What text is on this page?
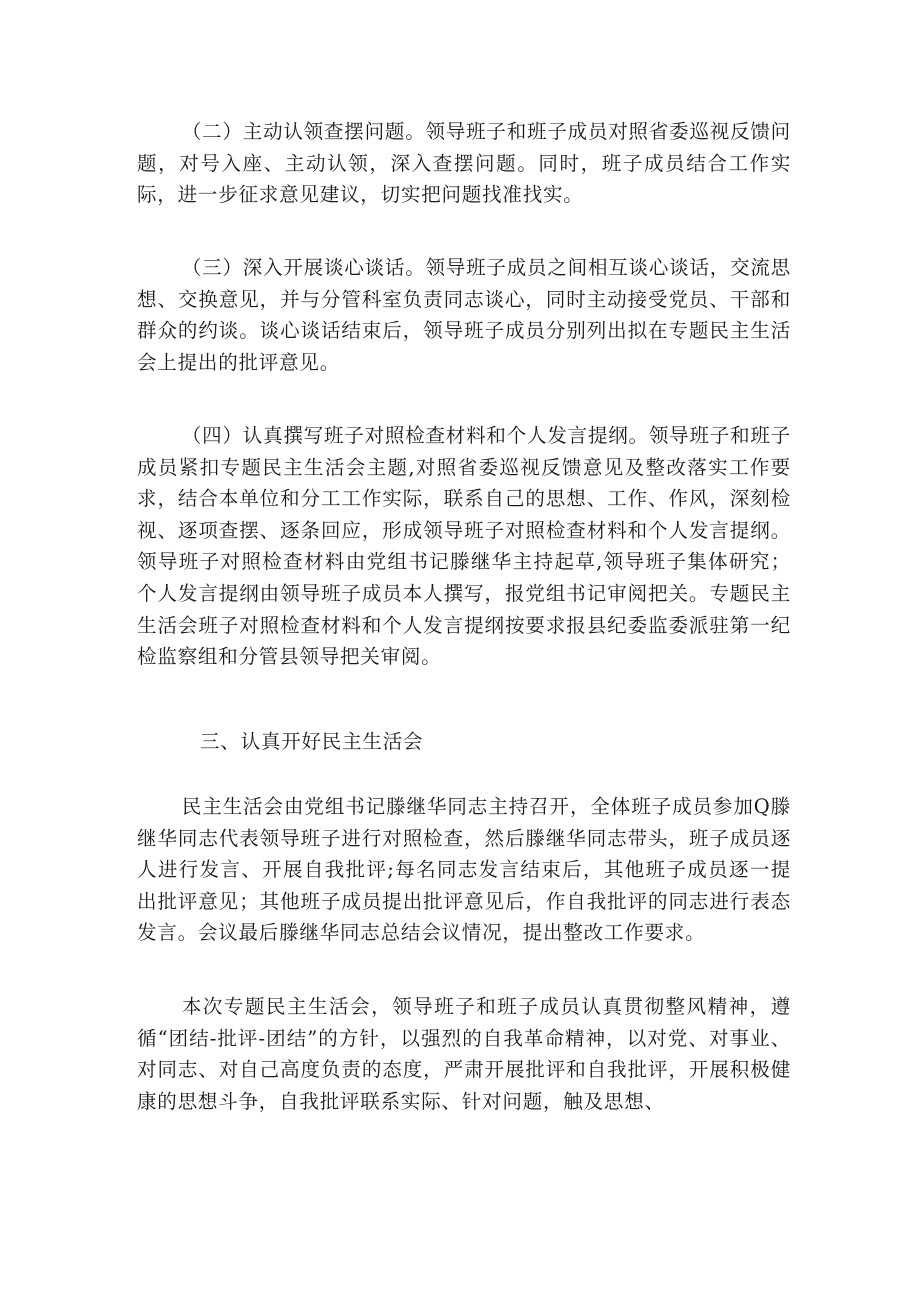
（二）主动认领查摆问题。领导班子和班子成员对照省委巡视反馈问题，对号入座、主动认领，深入查摆问题。同时，班子成员结合工作实际，进一步征求意见建议，切实把问题找准找实。

（三）深入开展谈心谈话。领导班子成员之间相互谈心谈话，交流思想、交换意见，并与分管科室负责同志谈心，同时主动接受党员、干部和群众的约谈。谈心谈话结束后，领导班子成员分别列出拟在专题民主生活会上提出的批评意见。

（四）认真撰写班子对照检查材料和个人发言提纲。领导班子和班子成员紧扣专题民主生活会主题,对照省委巡视反馈意见及整改落实工作要求，结合本单位和分工工作实际，联系自己的思想、工作、作风，深刻检视、逐项查摆、逐条回应，形成领导班子对照检查材料和个人发言提纲。领导班子对照检查材料由党组书记滕继华主持起草,领导班子集体研究；个人发言提纲由领导班子成员本人撰写，报党组书记审阅把关。专题民主生活会班子对照检查材料和个人发言提纲按要求报县纪委监委派驻第一纪检监察组和分管县领导把关审阅。

三、认真开好民主生活会

民主生活会由党组书记滕继华同志主持召开，全体班子成员参加Q滕继华同志代表领导班子进行对照检查，然后滕继华同志带头，班子成员逐人进行发言、开展自我批评;每名同志发言结束后，其他班子成员逐一提出批评意见；其他班子成员提出批评意见后，作自我批评的同志进行表态发言。会议最后滕继华同志总结会议情况，提出整改工作要求。

本次专题民主生活会，领导班子和班子成员认真贯彻整风精神，遵循“团结-批评-团结”的方针，以强烈的自我革命精神，以对党、对事业、对同志、对自己高度负责的态度，严肃开展批评和自我批评，开展积极健康的思想斗争，自我批评联系实际、针对问题，触及思想、
